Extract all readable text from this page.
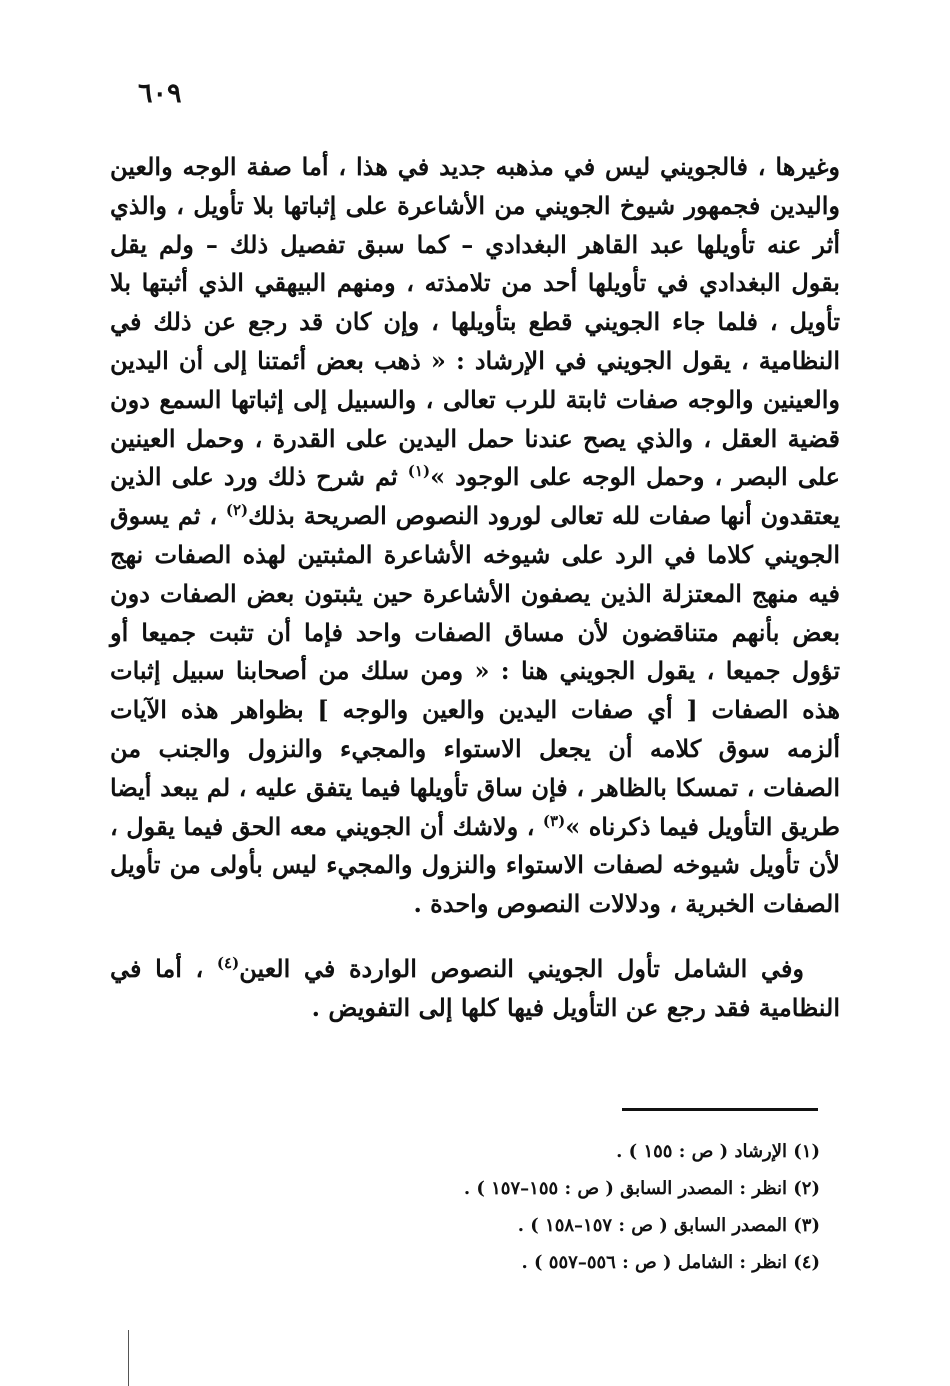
٦٠٩

وغيرها ، فالجويني ليس في مذهبه جديد في هذا ، أما صفة الوجه والعين واليدين فجمهور شيوخ الجويني من الأشاعرة على إثباتها بلا تأويل ، والذي أثر عنه تأويلها عبد القاهر البغدادي – كما سبق تفصيل ذلك – ولم يقل بقول البغدادي في تأويلها أحد من تلامذته ، ومنهم البيهقي الذي أثبتها بلا تأويل ، فلما جاء الجويني قطع بتأويلها ، وإن كان قد رجع عن ذلك في النظامية ، يقول الجويني في الإرشاد : « ذهب بعض أئمتنا إلى أن اليدين والعينين والوجه صفات ثابتة للرب تعالى ، والسبيل إلى إثباتها السمع دون قضية العقل ، والذي يصح عندنا حمل اليدين على القدرة ، وحمل العينين على البصر ، وحمل الوجه على الوجود »$^{(١)}$ ثم شرح ذلك ورد على الذين يعتقدون أنها صفات لله تعالى لورود النصوص الصريحة بذلك$^{(٢)}$ ، ثم يسوق الجويني كلاما في الرد على شيوخه الأشاعرة المثبتين لهذه الصفات نهج فيه منهج المعتزلة الذين يصفون الأشاعرة حين يثبتون بعض الصفات دون بعض بأنهم متناقضون لأن مساق الصفات واحد فإما أن تثبت جميعا أو تؤول جميعا ، يقول الجويني هنا : « ومن سلك من أصحابنا سبيل إثبات هذه الصفات [ أي صفات اليدين والعين والوجه ] بظواهر هذه الآيات ألزمه سوق كلامه أن يجعل الاستواء والمجيء والنزول والجنب من الصفات ، تمسكا بالظاهر ، فإن ساق تأويلها فيما يتفق عليه ، لم يبعد أيضا طريق التأويل فيما ذكرناه »$^{(٣)}$ ، ولاشك أن الجويني معه الحق فيما يقول ، لأن تأويل شيوخه لصفات الاستواء والنزول والمجيء ليس بأولى من تأويل الصفات الخبرية ، ودلالات النصوص واحدة .

وفي الشامل تأول الجويني النصوص الواردة في العين$^{(٤)}$ ، أما في النظامية فقد رجع عن التأويل فيها كلها إلى التفويض .

(١) الإرشاد ( ص : ١٥٥ ) .
(٢) انظر : المصدر السابق ( ص : ١٥٥–١٥٧ ) .
(٣) المصدر السابق ( ص : ١٥٧–١٥٨ ) .
(٤) انظر : الشامل ( ص : ٥٥٦–٥٥٧ ) .
